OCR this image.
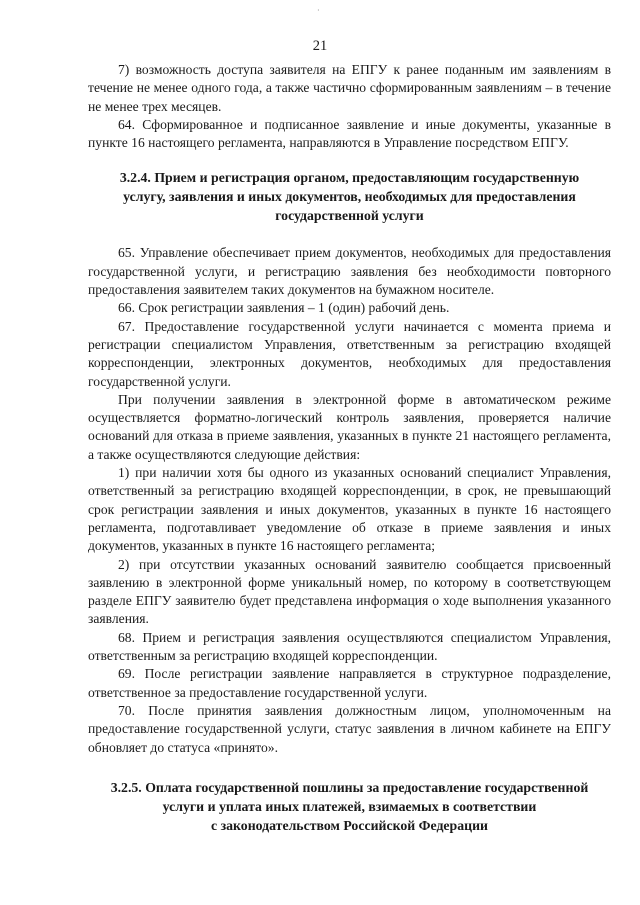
·
21

7) возможность доступа заявителя на ЕПГУ к ранее поданным им заявлениям в течение не менее одного года, а также частично сформированным заявлениям – в течение не менее трех месяцев.

64. Сформированное и подписанное заявление и иные документы, указанные в пункте 16 настоящего регламента, направляются в Управление посредством ЕПГУ.

3.2.4. Прием и регистрация органом, предоставляющим государственную
услугу, заявления и иных документов, необходимых для предоставления
государственной услуги

65. Управление обеспечивает прием документов, необходимых для предоставления государственной услуги, и регистрацию заявления без необходимости повторного предоставления заявителем таких документов на бумажном носителе.

66. Срок регистрации заявления – 1 (один) рабочий день.

67. Предоставление государственной услуги начинается с момента приема и регистрации специалистом Управления, ответственным за регистрацию входящей корреспонденции, электронных документов, необходимых для предоставления государственной услуги.

При получении заявления в электронной форме в автоматическом режиме осуществляется форматно-логический контроль заявления, проверяется наличие оснований для отказа в приеме заявления, указанных в пункте 21 настоящего регламента, а также осуществляются следующие действия:

1) при наличии хотя бы одного из указанных оснований специалист Управления, ответственный за регистрацию входящей корреспонденции, в срок, не превышающий срок регистрации заявления и иных документов, указанных в пункте 16 настоящего регламента, подготавливает уведомление об отказе в приеме заявления и иных документов, указанных в пункте 16 настоящего регламента;

2) при отсутствии указанных оснований заявителю сообщается присвоенный заявлению в электронной форме уникальный номер, по которому в соответствующем разделе ЕПГУ заявителю будет представлена информация о ходе выполнения указанного заявления.

68. Прием и регистрация заявления осуществляются специалистом Управления, ответственным за регистрацию входящей корреспонденции.

69. После регистрации заявление направляется в структурное подразделение, ответственное за предоставление государственной услуги.

70. После принятия заявления должностным лицом, уполномоченным на предоставление государственной услуги, статус заявления в личном кабинете на ЕПГУ обновляет до статуса «принято».

3.2.5. Оплата государственной пошлины за предоставление государственной
услуги и уплата иных платежей, взимаемых в соответствии
с законодательством Российской Федерации
